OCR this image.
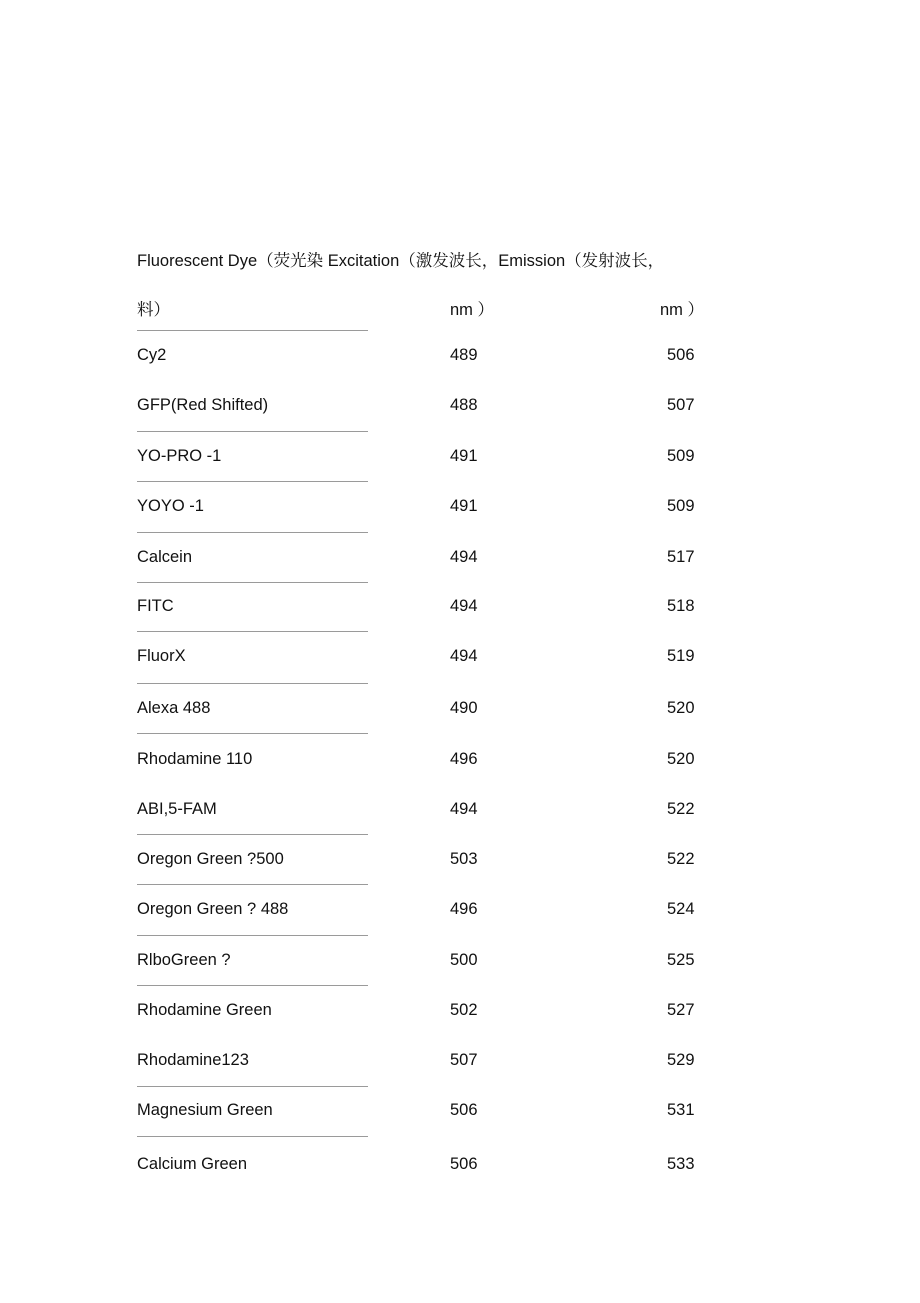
Fluorescent Dye（荧光染 Excitation（激发波长，Emission（发射波长，
料）	nm ）	nm ）
Cy2	489	506
GFP(Red Shifted)	488	507
YO-PRO -1	491	509
YOYO -1	491	509
Calcein	494	517
FITC	494	518
FluorX	494	519
Alexa 488	490	520
Rhodamine 110	496	520
ABI,5-FAM	494	522
Oregon Green ?500	503	522
Oregon Green ? 488	496	524
RlboGreen ?	500	525
Rhodamine Green	502	527
Rhodamine123	507	529
Magnesium Green	506	531
Calcium Green	506	533
